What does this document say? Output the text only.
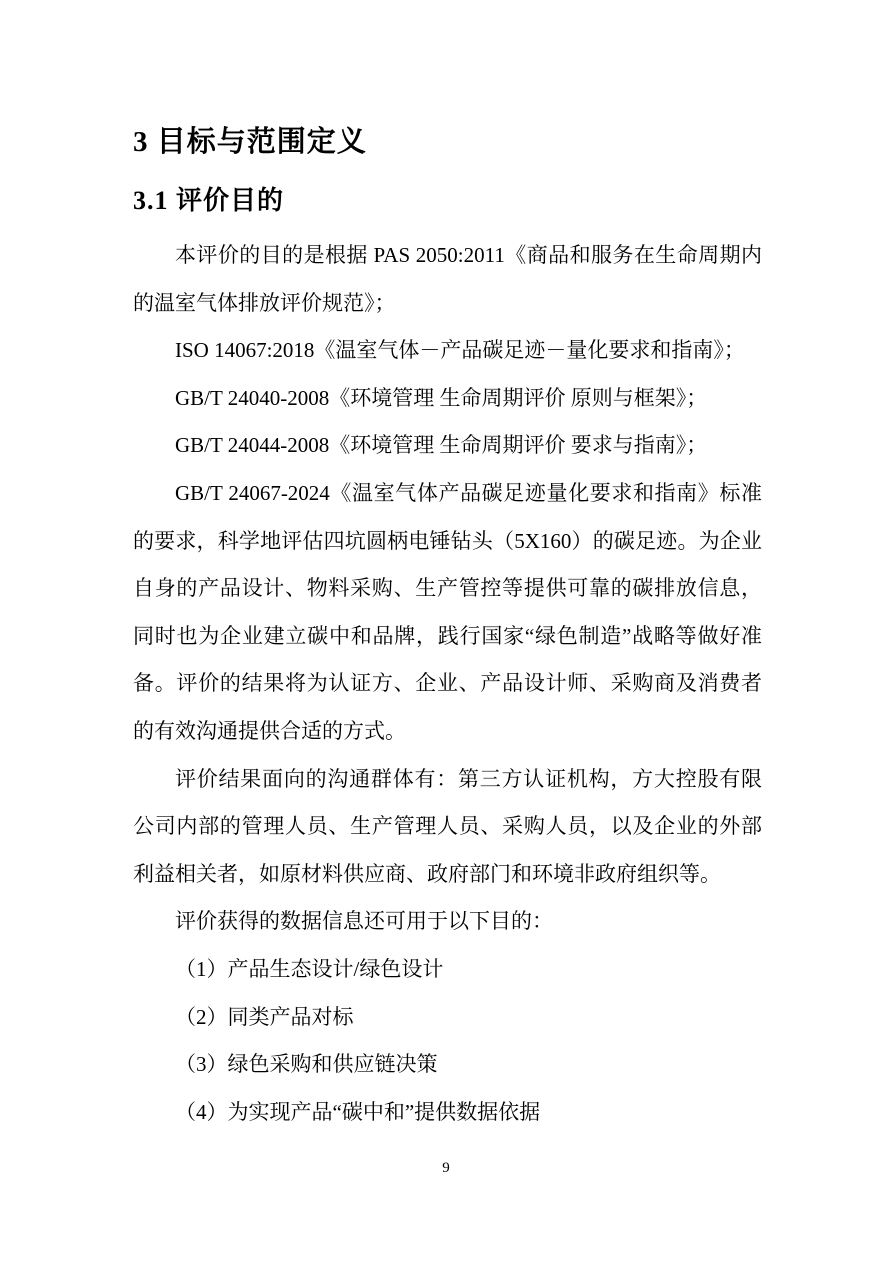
3 目标与范围定义
3.1 评价目的

本评价的目的是根据 PAS 2050:2011《商品和服务在生命周期内的温室气体排放评价规范》；

ISO 14067:2018《温室气体－产品碳足迹－量化要求和指南》；

GB/T 24040-2008《环境管理 生命周期评价 原则与框架》；

GB/T 24044-2008《环境管理 生命周期评价 要求与指南》；

GB/T 24067-2024《温室气体产品碳足迹量化要求和指南》标准的要求，科学地评估四坑圆柄电锤钻头（5X160）的碳足迹。为企业自身的产品设计、物料采购、生产管控等提供可靠的碳排放信息，同时也为企业建立碳中和品牌，践行国家“绿色制造”战略等做好准备。评价的结果将为认证方、企业、产品设计师、采购商及消费者的有效沟通提供合适的方式。

评价结果面向的沟通群体有：第三方认证机构，方大控股有限公司内部的管理人员、生产管理人员、采购人员，以及企业的外部利益相关者，如原材料供应商、政府部门和环境非政府组织等。

评价获得的数据信息还可用于以下目的：

（1）产品生态设计/绿色设计

（2）同类产品对标

（3）绿色采购和供应链决策

（4）为实现产品“碳中和”提供数据依据

9
